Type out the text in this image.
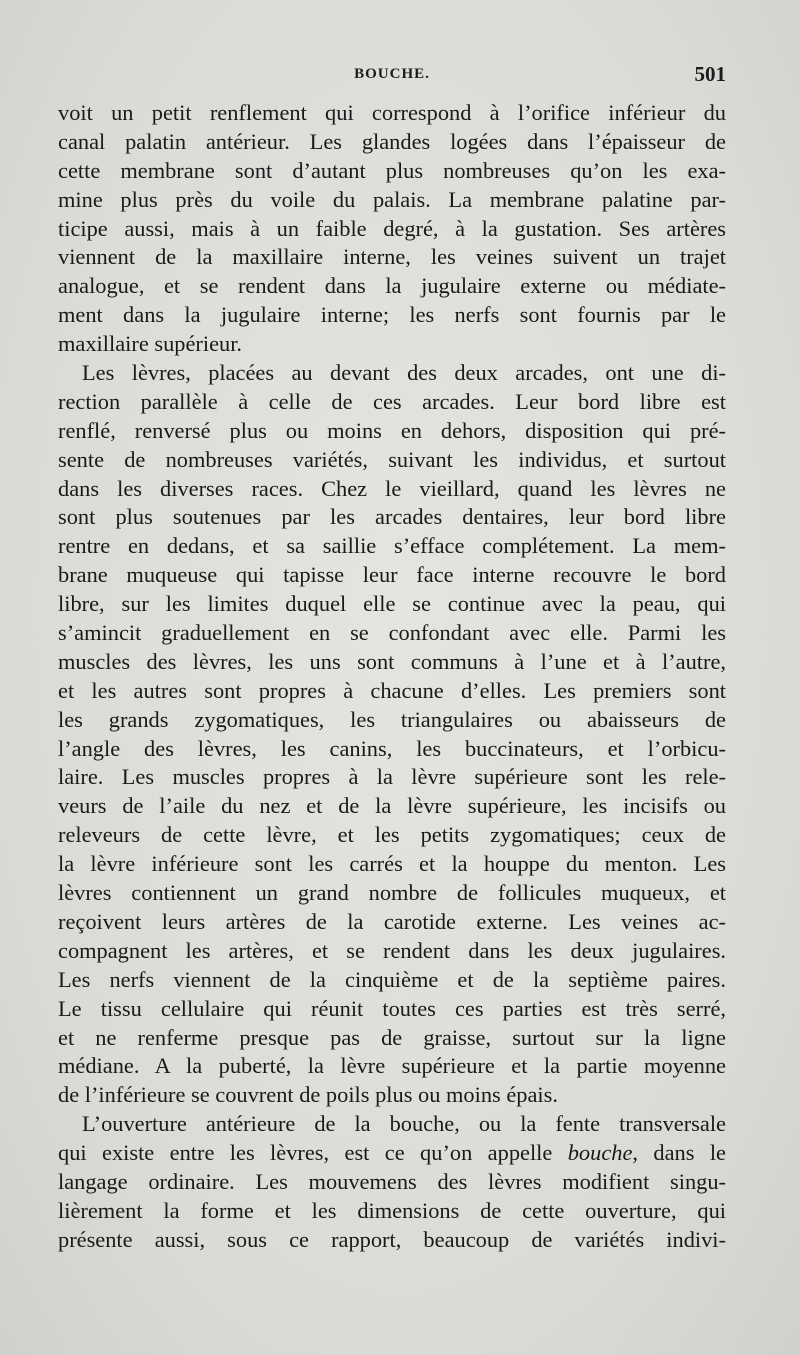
BOUCHE.	501
voit un petit renflement qui correspond à l’orifice inférieur du
canal palatin antérieur. Les glandes logées dans l’épaisseur de
cette membrane sont d’autant plus nombreuses qu’on les exa-
mine plus près du voile du palais. La membrane palatine par-
ticipe aussi, mais à un faible degré, à la gustation. Ses artères
viennent de la maxillaire interne, les veines suivent un trajet
analogue, et se rendent dans la jugulaire externe ou médiate-
ment dans la jugulaire interne; les nerfs sont fournis par le
maxillaire supérieur.
Les lèvres, placées au devant des deux arcades, ont une di-
rection parallèle à celle de ces arcades. Leur bord libre est
renflé, renversé plus ou moins en dehors, disposition qui pré-
sente de nombreuses variétés, suivant les individus, et surtout
dans les diverses races. Chez le vieillard, quand les lèvres ne
sont plus soutenues par les arcades dentaires, leur bord libre
rentre en dedans, et sa saillie s’efface complétement. La mem-
brane muqueuse qui tapisse leur face interne recouvre le bord
libre, sur les limites duquel elle se continue avec la peau, qui
s’amincit graduellement en se confondant avec elle. Parmi les
muscles des lèvres, les uns sont communs à l’une et à l’autre,
et les autres sont propres à chacune d’elles. Les premiers sont
les grands zygomatiques, les triangulaires ou abaisseurs de
l’angle des lèvres, les canins, les buccinateurs, et l’orbicu-
laire. Les muscles propres à la lèvre supérieure sont les rele-
veurs de l’aile du nez et de la lèvre supérieure, les incisifs ou
releveurs de cette lèvre, et les petits zygomatiques; ceux de
la lèvre inférieure sont les carrés et la houppe du menton. Les
lèvres contiennent un grand nombre de follicules muqueux, et
reçoivent leurs artères de la carotide externe. Les veines ac-
compagnent les artères, et se rendent dans les deux jugulaires.
Les nerfs viennent de la cinquième et de la septième paires.
Le tissu cellulaire qui réunit toutes ces parties est très serré,
et ne renferme presque pas de graisse, surtout sur la ligne
médiane. A la puberté, la lèvre supérieure et la partie moyenne
de l’inférieure se couvrent de poils plus ou moins épais.
L’ouverture antérieure de la bouche, ou la fente transversale
qui existe entre les lèvres, est ce qu’on appelle bouche, dans le
langage ordinaire. Les mouvemens des lèvres modifient singu-
lièrement la forme et les dimensions de cette ouverture, qui
présente aussi, sous ce rapport, beaucoup de variétés indivi-
